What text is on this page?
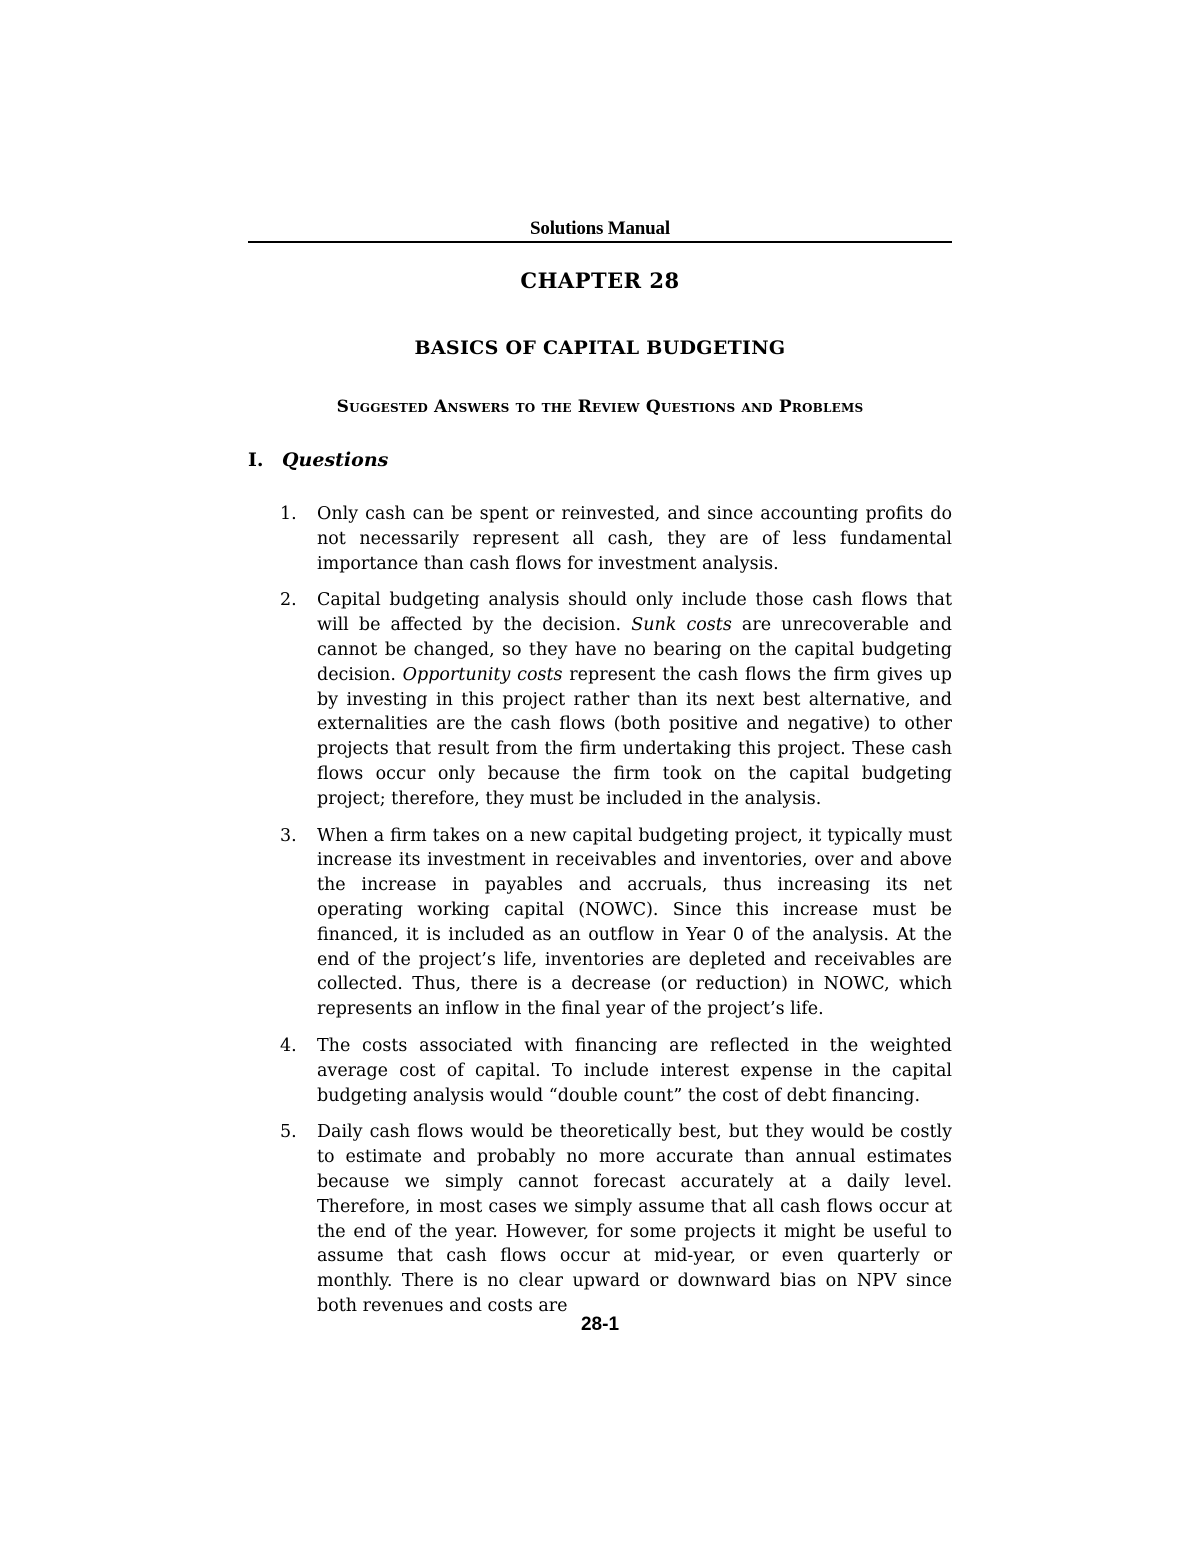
Solutions Manual
CHAPTER 28
BASICS OF CAPITAL BUDGETING
Suggested Answers to the Review Questions and Problems
I. Questions
1. Only cash can be spent or reinvested, and since accounting profits do not necessarily represent all cash, they are of less fundamental importance than cash flows for investment analysis.
2. Capital budgeting analysis should only include those cash flows that will be affected by the decision. Sunk costs are unrecoverable and cannot be changed, so they have no bearing on the capital budgeting decision. Opportunity costs represent the cash flows the firm gives up by investing in this project rather than its next best alternative, and externalities are the cash flows (both positive and negative) to other projects that result from the firm undertaking this project. These cash flows occur only because the firm took on the capital budgeting project; therefore, they must be included in the analysis.
3. When a firm takes on a new capital budgeting project, it typically must increase its investment in receivables and inventories, over and above the increase in payables and accruals, thus increasing its net operating working capital (NOWC). Since this increase must be financed, it is included as an outflow in Year 0 of the analysis. At the end of the project’s life, inventories are depleted and receivables are collected. Thus, there is a decrease (or reduction) in NOWC, which represents an inflow in the final year of the project’s life.
4. The costs associated with financing are reflected in the weighted average cost of capital. To include interest expense in the capital budgeting analysis would “double count” the cost of debt financing.
5. Daily cash flows would be theoretically best, but they would be costly to estimate and probably no more accurate than annual estimates because we simply cannot forecast accurately at a daily level. Therefore, in most cases we simply assume that all cash flows occur at the end of the year. However, for some projects it might be useful to assume that cash flows occur at mid-year, or even quarterly or monthly. There is no clear upward or downward bias on NPV since both revenues and costs are
28-1
